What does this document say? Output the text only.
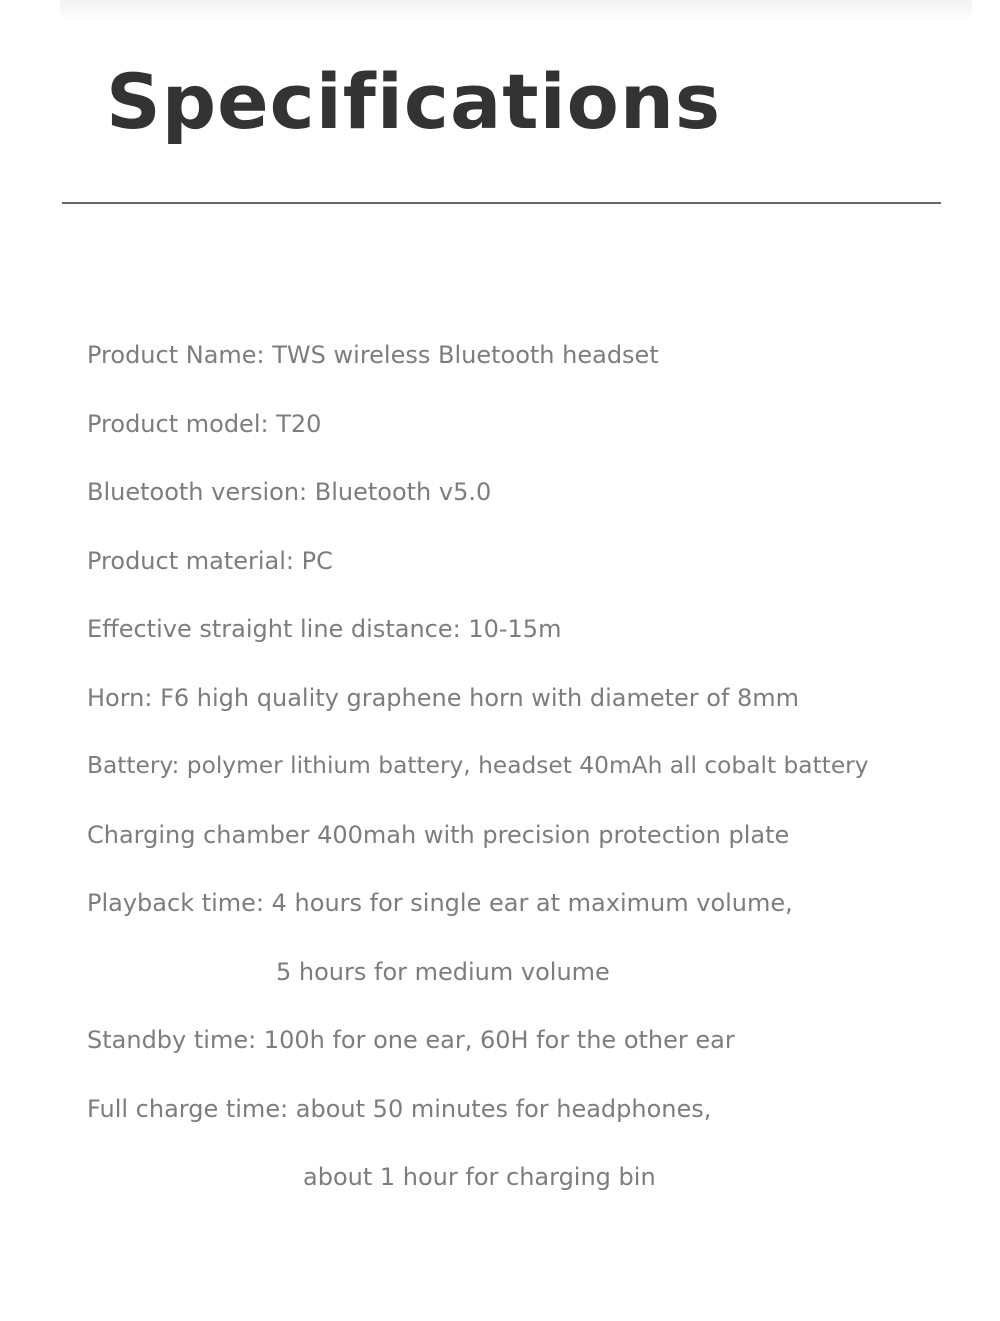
Specifications

Product Name: TWS wireless Bluetooth headset

Product model: T20

Bluetooth version: Bluetooth v5.0

Product material: PC

Effective straight line distance: 10-15m

Horn: F6 high quality graphene horn with diameter of 8mm

Battery: polymer lithium battery, headset 40mAh all cobalt battery

Charging chamber 400mah with precision protection plate

Playback time: 4 hours for single ear at maximum volume,

5 hours for medium volume

Standby time: 100h for one ear, 60H for the other ear

Full charge time: about 50 minutes for headphones,

about 1 hour for charging bin
